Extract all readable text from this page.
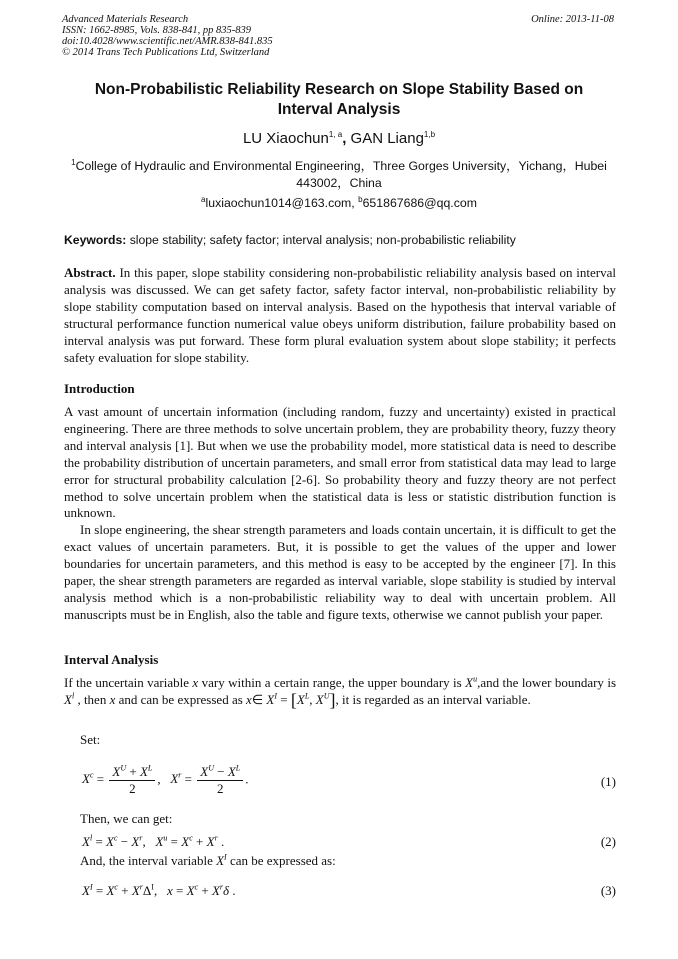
Advanced Materials Research
ISSN: 1662-8985, Vols. 838-841, pp 835-839
doi:10.4028/www.scientific.net/AMR.838-841.835
© 2014 Trans Tech Publications Ltd, Switzerland
Online: 2013-11-08
Non-Probabilistic Reliability Research on Slope Stability Based on Interval Analysis
LU Xiaochun$^{1, a}$, GAN Liang$^{1,b}$
$^1$College of Hydraulic and Environmental Engineering，Three Gorges University，Yichang，Hubei 443002，China
$^a$luxiaochun1014@163.com, $^b$651867686@qq.com
Keywords: slope stability; safety factor; interval analysis; non-probabilistic reliability
Abstract. In this paper, slope stability considering non-probabilistic reliability analysis based on interval analysis was discussed. We can get safety factor, safety factor interval, non-probabilistic reliability by slope stability computation based on interval analysis. Based on the hypothesis that interval variable of structural performance function numerical value obeys uniform distribution, failure probability based on interval analysis was put forward. These form plural evaluation system about slope stability; it perfects safety evaluation for slope stability.
Introduction

A vast amount of uncertain information (including random, fuzzy and uncertainty) existed in practical engineering. There are three methods to solve uncertain problem, they are probability theory, fuzzy theory and interval analysis [1]. But when we use the probability model, more statistical data is need to describe the probability distribution of uncertain parameters, and small error from statistical data may lead to large error for structural probability calculation [2-6]. So probability theory and fuzzy theory are not perfect method to solve uncertain problem when the statistical data is less or statistic distribution function is unknown.

In slope engineering, the shear strength parameters and loads contain uncertain, it is difficult to get the exact values of uncertain parameters. But, it is possible to get the values of the upper and lower boundaries for uncertain parameters, and this method is easy to be accepted by the engineer [7]. In this paper, the shear strength parameters are regarded as interval variable, slope stability is studied by interval analysis method which is a non-probabilistic reliability way to deal with uncertain problem. All manuscripts must be in English, also the table and figure texts, otherwise we cannot publish your paper.

Interval Analysis
If the uncertain variable x vary within a certain range, the upper boundary is $X^u,and$ the lower boundary is $X^l$ , then x and can be expressed as x∈ $X^I = [X^L$, $X^U$], it is regarded as an interval variable.
Set:
$X^c = \frac{X^U + X^L}{2}$ ,   $X^r = \frac{X^U - X^L}{2}$ .	(1)
Then, we can get:
$X^l = X^c - X^r$,   $X^u = X^c + X^r$ .	(2)
And, the interval variable $X^I$ can be expressed as:
$X^I = X^c + X^r\Delta^I$,   $x = X^c + X^r\delta$ .	(3)
